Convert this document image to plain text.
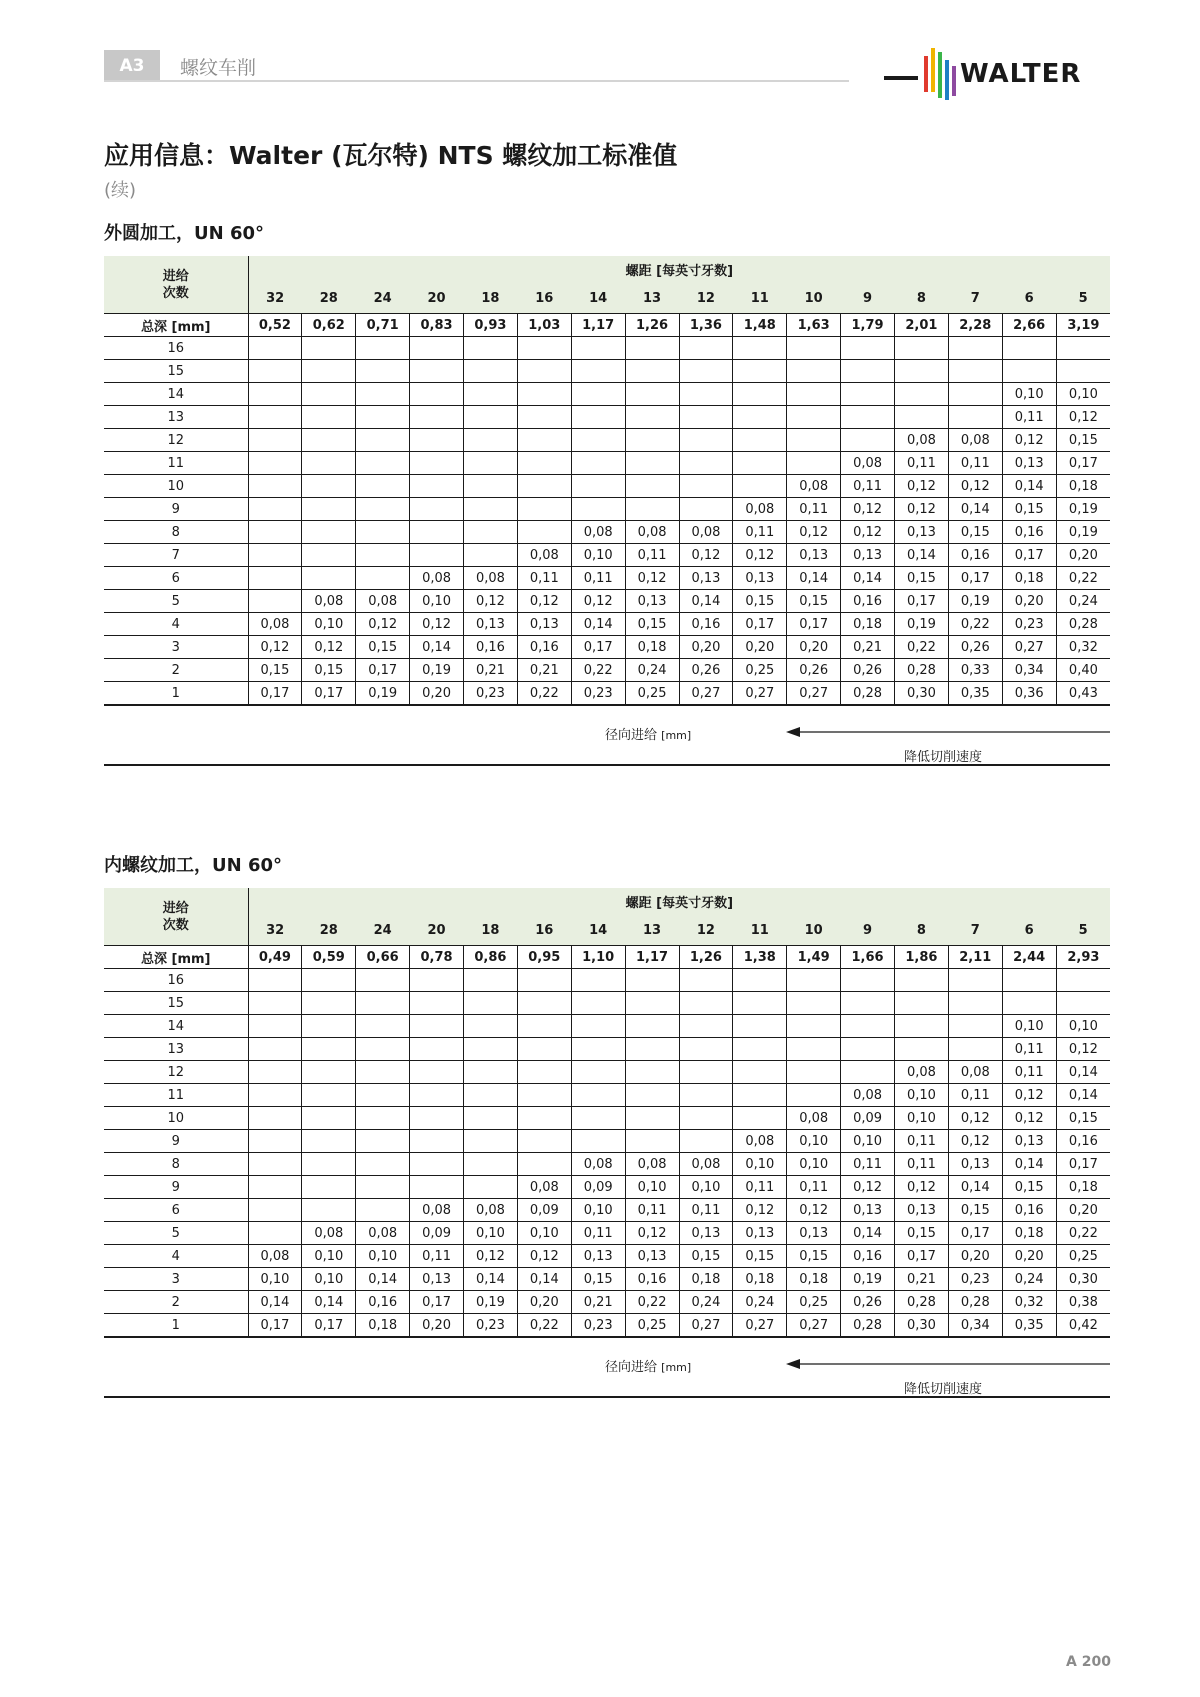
A3 螺纹车削	WALTER
应用信息：Walter (瓦尔特) NTS 螺纹加工标准值
(续)
外圆加工，UN 60°
进给
次数	螺距 [每英寸牙数]															
	32	28	24	20	18	16	14	13	12	11	10	9	8	7	6	5
总深 [mm]	0,52	0,62	0,71	0,83	0,93	1,03	1,17	1,26	1,36	1,48	1,63	1,79	2,01	2,28	2,66	3,19
16																
15																
14															0,10	0,10
13															0,11	0,12
12													0,08	0,08	0,12	0,15
11												0,08	0,11	0,11	0,13	0,17
10											0,08	0,11	0,12	0,12	0,14	0,18
9										0,08	0,11	0,12	0,12	0,14	0,15	0,19
8							0,08	0,08	0,08	0,11	0,12	0,12	0,13	0,15	0,16	0,19
7						0,08	0,10	0,11	0,12	0,12	0,13	0,13	0,14	0,16	0,17	0,20
6				0,08	0,08	0,11	0,11	0,12	0,13	0,13	0,14	0,14	0,15	0,17	0,18	0,22
5		0,08	0,08	0,10	0,12	0,12	0,12	0,13	0,14	0,15	0,15	0,16	0,17	0,19	0,20	0,24
4	0,08	0,10	0,12	0,12	0,13	0,13	0,14	0,15	0,16	0,17	0,17	0,18	0,19	0,22	0,23	0,28
3	0,12	0,12	0,15	0,14	0,16	0,16	0,17	0,18	0,20	0,20	0,20	0,21	0,22	0,26	0,27	0,32
2	0,15	0,15	0,17	0,19	0,21	0,21	0,22	0,24	0,26	0,25	0,26	0,26	0,28	0,33	0,34	0,40
1	0,17	0,17	0,19	0,20	0,23	0,22	0,23	0,25	0,27	0,27	0,27	0,28	0,30	0,35	0,36	0,43
径向进给 [mm]
降低切削速度
内螺纹加工，UN 60°
进给
次数	螺距 [每英寸牙数]															
	32	28	24	20	18	16	14	13	12	11	10	9	8	7	6	5
总深 [mm]	0,49	0,59	0,66	0,78	0,86	0,95	1,10	1,17	1,26	1,38	1,49	1,66	1,86	2,11	2,44	2,93
16																
15																
14															0,10	0,10
13															0,11	0,12
12													0,08	0,08	0,11	0,14
11												0,08	0,10	0,11	0,12	0,14
10											0,08	0,09	0,10	0,12	0,12	0,15
9										0,08	0,10	0,10	0,11	0,12	0,13	0,16
8							0,08	0,08	0,08	0,10	0,10	0,11	0,11	0,13	0,14	0,17
9						0,08	0,09	0,10	0,10	0,11	0,11	0,12	0,12	0,14	0,15	0,18
6				0,08	0,08	0,09	0,10	0,11	0,11	0,12	0,12	0,13	0,13	0,15	0,16	0,20
5		0,08	0,08	0,09	0,10	0,10	0,11	0,12	0,13	0,13	0,13	0,14	0,15	0,17	0,18	0,22
4	0,08	0,10	0,10	0,11	0,12	0,12	0,13	0,13	0,15	0,15	0,15	0,16	0,17	0,20	0,20	0,25
3	0,10	0,10	0,14	0,13	0,14	0,14	0,15	0,16	0,18	0,18	0,18	0,19	0,21	0,23	0,24	0,30
2	0,14	0,14	0,16	0,17	0,19	0,20	0,21	0,22	0,24	0,24	0,25	0,26	0,28	0,28	0,32	0,38
1	0,17	0,17	0,18	0,20	0,23	0,22	0,23	0,25	0,27	0,27	0,27	0,28	0,30	0,34	0,35	0,42
径向进给 [mm]
降低切削速度
A 200
